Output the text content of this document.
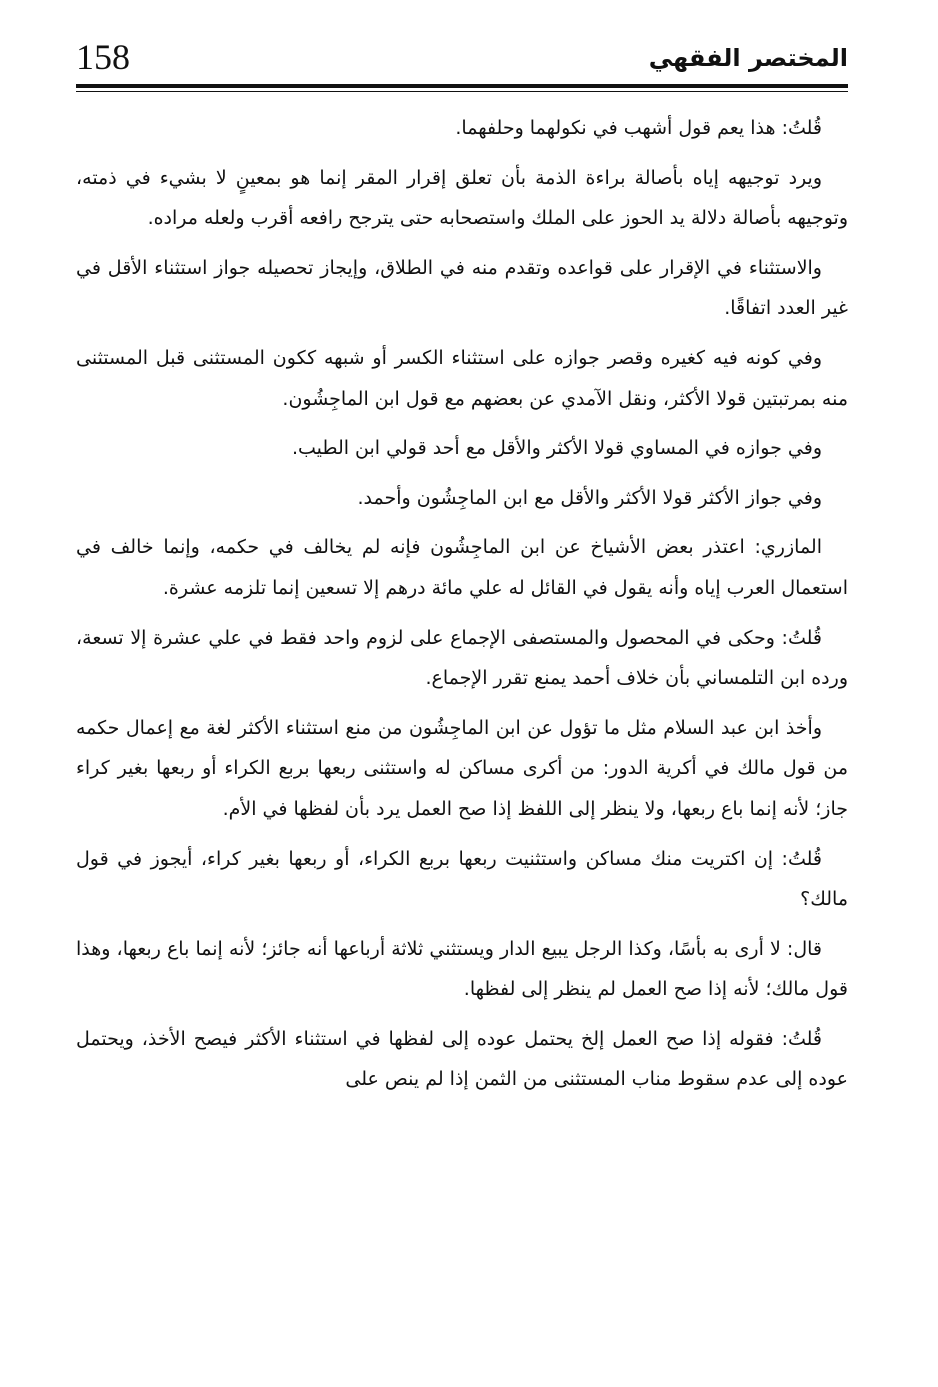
158	المختصر الفقهي

قُلتُ: هذا يعم قول أشهب في نكولهما وحلفهما.

ويرد توجيهه إياه بأصالة براءة الذمة بأن تعلق إقرار المقر إنما هو بمعينٍ لا بشيء في ذمته، وتوجيهه بأصالة دلالة يد الحوز على الملك واستصحابه حتى يترجح رافعه أقرب ولعله مراده.

والاستثناء في الإقرار على قواعده وتقدم منه في الطلاق، وإيجاز تحصيله جواز استثناء الأقل في غير العدد اتفاقًا.

وفي كونه فيه كغيره وقصر جوازه على استثناء الكسر أو شبهه ككون المستثنى قبل المستثنى منه بمرتبتين قولا الأكثر، ونقل الآمدي عن بعضهم مع قول ابن الماجِشُون.

وفي جوازه في المساوي قولا الأكثر والأقل مع أحد قولي ابن الطيب.

وفي جواز الأكثر قولا الأكثر والأقل مع ابن الماجِشُون وأحمد.

المازري: اعتذر بعض الأشياخ عن ابن الماجِشُون فإنه لم يخالف في حكمه، وإنما خالف في استعمال العرب إياه وأنه يقول في القائل له علي مائة درهم إلا تسعين إنما تلزمه عشرة.

قُلتُ: وحكى في المحصول والمستصفى الإجماع على لزوم واحد فقط في علي عشرة إلا تسعة، ورده ابن التلمساني بأن خلاف أحمد يمنع تقرر الإجماع.

وأخذ ابن عبد السلام مثل ما تؤول عن ابن الماجِشُون من منع استثناء الأكثر لغة مع إعمال حكمه من قول مالك في أكرية الدور: من أكرى مساكن له واستثنى ربعها بربع الكراء أو ربعها بغير كراء جاز؛ لأنه إنما باع ربعها، ولا ينظر إلى اللفظ إذا صح العمل يرد بأن لفظها في الأم.

قُلتُ: إن اكتريت منك مساكن واستثنيت ربعها بربع الكراء، أو ربعها بغير كراء، أيجوز في قول مالك؟

قال: لا أرى به بأسًا، وكذا الرجل يبيع الدار ويستثني ثلاثة أرباعها أنه جائز؛ لأنه إنما باع ربعها، وهذا قول مالك؛ لأنه إذا صح العمل لم ينظر إلى لفظها.

قُلتُ: فقوله إذا صح العمل إلخ يحتمل عوده إلى لفظها في استثناء الأكثر فيصح الأخذ، ويحتمل عوده إلى عدم سقوط مناب المستثنى من الثمن إذا لم ينص على
